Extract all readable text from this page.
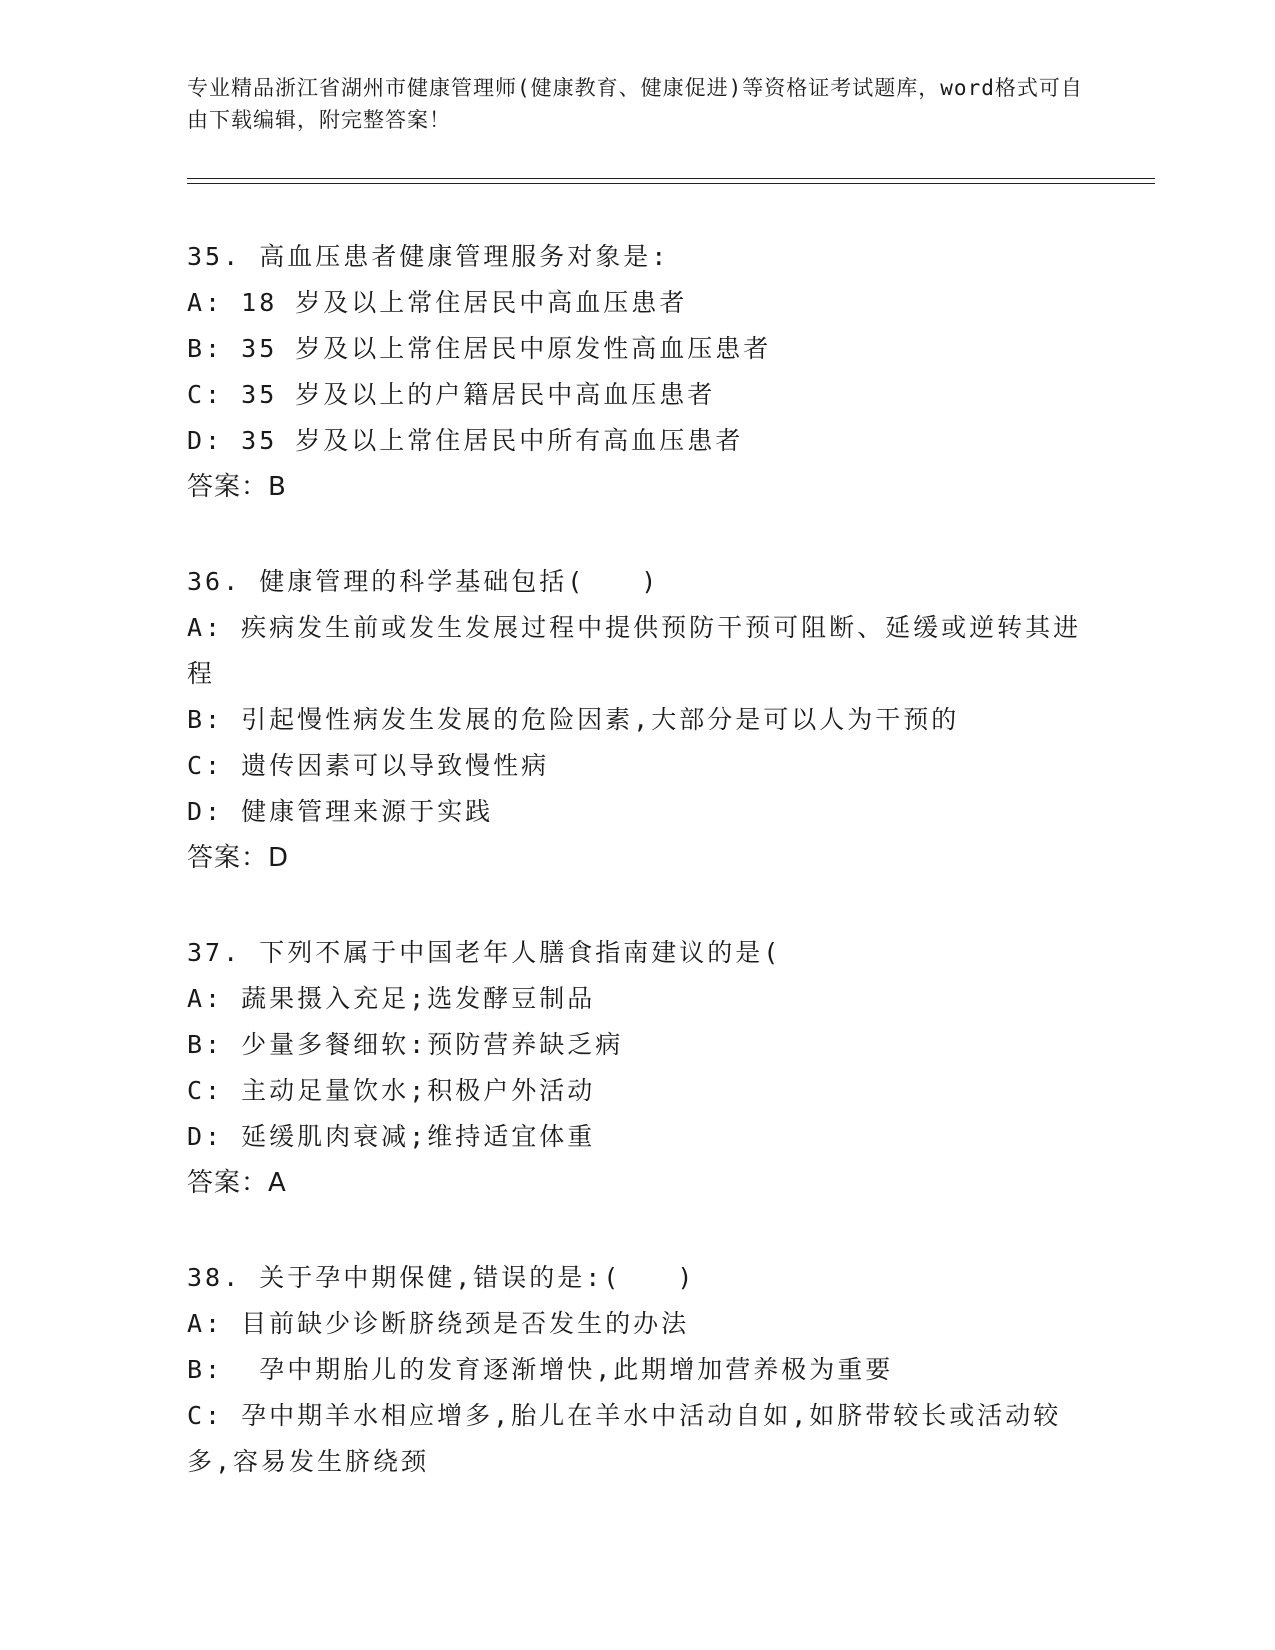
专业精品浙江省湖州市健康管理师(健康教育、健康促进)等资格证考试题库，word格式可自由下载编辑，附完整答案！
35. 高血压患者健康管理服务对象是:
A: 18 岁及以上常住居民中高血压患者
B: 35 岁及以上常住居民中原发性高血压患者
C: 35 岁及以上的户籍居民中高血压患者
D: 35 岁及以上常住居民中所有高血压患者
答案：B
36. 健康管理的科学基础包括(　　)
A: 疾病发生前或发生发展过程中提供预防干预可阻断、延缓或逆转其进程
B: 引起慢性病发生发展的危险因素,大部分是可以人为干预的
C: 遗传因素可以导致慢性病
D: 健康管理来源于实践
答案：D
37. 下列不属于中国老年人膳食指南建议的是(
A: 蔬果摄入充足;选发酵豆制品
B: 少量多餐细软:预防营养缺乏病
C: 主动足量饮水;积极户外活动
D: 延缓肌肉衰减;维持适宜体重
答案：A
38. 关于孕中期保健,错误的是:(　　)
A: 目前缺少诊断脐绕颈是否发生的办法
B:  孕中期胎儿的发育逐渐增快,此期增加营养极为重要
C: 孕中期羊水相应增多,胎儿在羊水中活动自如,如脐带较长或活动较多,容易发生脐绕颈
